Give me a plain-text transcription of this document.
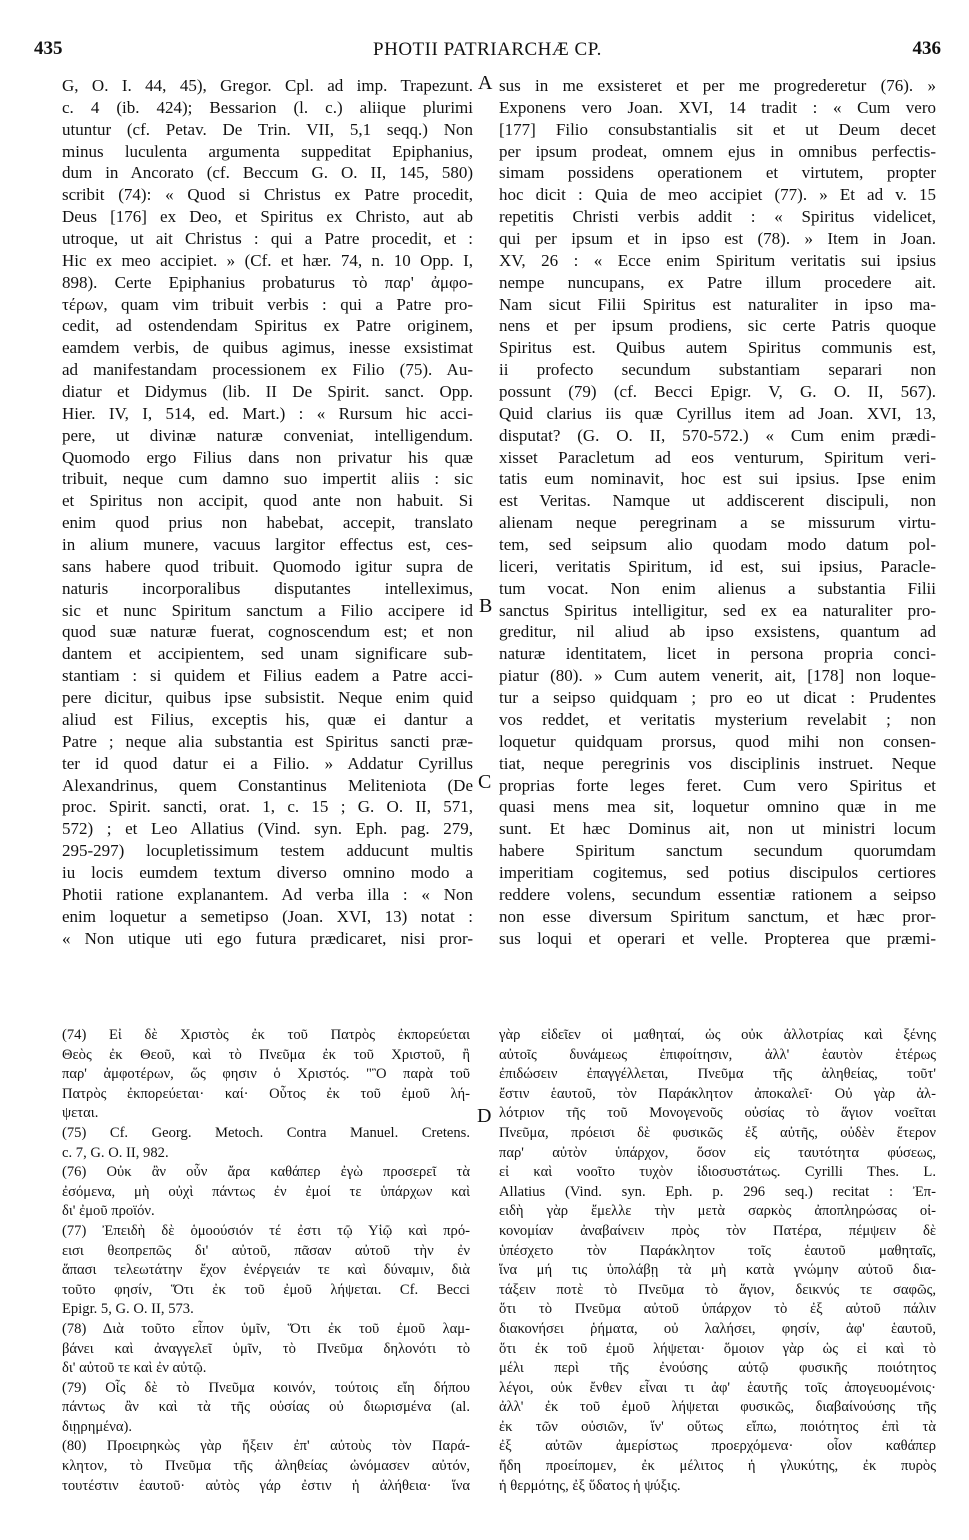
435	PHOTII PATRIARCHÆ CP.	436
A
B
C
D
G, O. I. 44, 45), Gregor. Cpl. ad imp. Trapezunt.
c. 4 (ib. 424); Bessarion (l. c.) aliique plurimi
utuntur (cf. Petav. De Trin. VII, 5,1 seqq.) Non
minus luculenta argumenta suppeditat Epiphanius,
dum in Ancorato (cf. Beccum G. O. II, 145, 580)
scribit (74): « Quod si Christus ex Patre procedit,
Deus [176] ex Deo, et Spiritus ex Christo, aut ab
utroque, ut ait Christus : qui a Patre procedit, et :
Hic ex meo accipiet. » (Cf. et hær. 74, n. 10 Opp. I,
898). Certe Epiphanius probaturus τὸ παρ' ἀμφο-
τέρων, quam vim tribuit verbis : qui a Patre pro-
cedit, ad ostendendam Spiritus ex Patre originem,
eamdem verbis, de quibus agimus, inesse exsistimat
ad manifestandam processionem ex Filio (75). Au-
diatur et Didymus (lib. II De Spirit. sanct. Opp.
Hier. IV, I, 514, ed. Mart.) : « Rursum hic acci-
pere, ut divinæ naturæ conveniat, intelligendum.
Quomodo ergo Filius dans non privatur his quæ
tribuit, neque cum damno suo impertit aliis : sic
et Spiritus non accipit, quod ante non habuit. Si
enim quod prius non habebat, accepit, translato
in alium munere, vacuus largitor effectus est, ces-
sans habere quod tribuit. Quomodo igitur supra de
naturis incorporalibus disputantes intelleximus,
sic et nunc Spiritum sanctum a Filio accipere id
quod suæ naturæ fuerat, cognoscendum est; et non
dantem et accipientem, sed unam significare sub-
stantiam : si quidem et Filius eadem a Patre acci-
pere dicitur, quibus ipse subsistit. Neque enim quid
aliud est Filius, exceptis his, quæ ei dantur a
Patre ; neque alia substantia est Spiritus sancti præ-
ter id quod datur ei a Filio. » Addatur Cyrillus
Alexandrinus, quem Constantinus Meliteniota (De
proc. Spirit. sancti, orat. 1, c. 15 ; G. O. II, 571,
572) ; et Leo Allatius (Vind. syn. Eph. pag. 279,
295-297) locupletissimum testem adducunt multis
iu locis eumdem textum diverso omnino modo a
Photii ratione explanantem. Ad verba illa : « Non
enim loquetur a semetipso (Joan. XVI, 13) notat :
« Non utique uti ego futura prædicaret, nisi pror-
sus in me exsisteret et per me progrederetur (76). »
Exponens vero Joan. XVI, 14 tradit : « Cum vero
[177] Filio consubstantialis sit et ut Deum decet
per ipsum prodeat, omnem ejus in omnibus perfectis-
simam possidens operationem et virtutem, propter
hoc dicit : Quia de meo accipiet (77). » Et ad v. 15
repetitis Christi verbis addit : « Spiritus videlicet,
qui per ipsum et in ipso est (78). » Item in Joan.
XV, 26 : « Ecce enim Spiritum veritatis sui ipsius
nempe nuncupans, ex Patre illum procedere ait.
Nam sicut Filii Spiritus est naturaliter in ipso ma-
nens et per ipsum prodiens, sic certe Patris quoque
Spiritus est. Quibus autem Spiritus communis est,
ii profecto secundum substantiam separari non
possunt (79) (cf. Becci Epigr. V, G. O. II, 567).
Quid clarius iis quæ Cyrillus item ad Joan. XVI, 13,
disputat? (G. O. II, 570-572.) « Cum enim prædi-
xisset Paracletum ad eos venturum, Spiritum veri-
tatis eum nominavit, hoc est sui ipsius. Ipse enim
est Veritas. Namque ut addiscerent discipuli, non
alienam neque peregrinam a se missurum virtu-
tem, sed seipsum alio quodam modo datum pol-
liceri, veritatis Spiritum, id est, sui ipsius, Paracle-
tum vocat. Non enim alienus a substantia Filii
sanctus Spiritus intelligitur, sed ex ea naturaliter pro-
greditur, nil aliud ab ipso exsistens, quantum ad
naturæ identitatem, licet in persona propria conci-
piatur (80). » Cum autem venerit, ait, [178] non loque-
tur a seipso quidquam ; pro eo ut dicat : Prudentes
vos reddet, et veritatis mysterium revelabit ; non
loquetur quidquam prorsus, quod mihi non consen-
tiat, neque peregrinis vos disciplinis instruet. Neque
proprias forte leges feret. Cum vero Spiritus et
quasi mens mea sit, loquetur omnino quæ in me
sunt. Et hæc Dominus ait, non ut ministri locum
habere Spiritum sanctum secundum quorumdam
imperitiam cogitemus, sed potius discipulos certiores
reddere volens, secundum essentiæ rationem a seipso
non esse diversum Spiritum sanctum, et hæc pror-
sus loqui et operari et velle. Propterea que præmi-
(74) Εἰ δὲ Χριστὸς ἐκ τοῦ Πατρὸς ἐκπορεύεται
Θεὸς ἐκ Θεοῦ, καὶ τὸ Πνεῦμα ἐκ τοῦ Χριστοῦ, ἢ
παρ' ἀμφοτέρων, ὥς φησιν ὁ Χριστός. "Ὃ παρὰ τοῦ
Πατρὸς ἐκπορεύεται· καί· Οὗτος ἐκ τοῦ ἐμοῦ λή-
ψεται.
(75) Cf. Georg. Metoch. Contra Manuel. Cretens.
c. 7, G. O. II, 982.
(76) Οὐκ ἂν οὖν ἄρα καθάπερ ἐγὼ προσερεῖ τὰ
ἐσόμενα, μὴ οὐχὶ πάντως ἐν ἐμοί τε ὑπάρχων καὶ
δι' ἐμοῦ προϊόν.
(77) Ἐπειδὴ δὲ ὁμοούσιόν τέ ἐστι τῷ Υἱῷ καὶ πρό-
εισι θεοπρεπῶς δι' αὐτοῦ, πᾶσαν αὐτοῦ τὴν ἐν
ἅπασι τελεωτάτην ἔχον ἐνέργειάν τε καὶ δύναμιν, διὰ
τοῦτο φησίν, Ὅτι ἐκ τοῦ ἐμοῦ λήψεται. Cf. Becci
Epigr. 5, G. O. II, 573.
(78) Διὰ τοῦτο εἶπον ὑμῖν, Ὅτι ἐκ τοῦ ἐμοῦ λαμ-
βάνει καὶ ἀναγγελεῖ ὑμῖν, τὸ Πνεῦμα δηλονότι τὸ
δι' αὐτοῦ τε καὶ ἐν αὐτῷ.
(79) Οἷς δὲ τὸ Πνεῦμα κοινόν, τούτοις εἴη δήπου
πάντως ἂν καὶ τὰ τῆς οὐσίας οὐ διωρισμένα (al.
διῃρημένα).
(80) Προειρηκὼς γὰρ ἥξειν ἐπ' αὐτοὺς τὸν Παρά-
κλητον, τὸ Πνεῦμα τῆς ἀληθείας ὠνόμασεν αὐτόν,
τουτέστιν ἑαυτοῦ· αὐτὸς γάρ ἐστιν ἡ ἀλήθεια· ἵνα
γὰρ εἰδεῖεν οἱ μαθηταί, ὡς οὐκ ἀλλοτρίας καὶ ξένης
αὐτοῖς δυνάμεως ἐπιφοίτησιν, ἀλλ' ἑαυτὸν ἑτέρως
ἐπιδώσειν ἐπαγγέλλεται, Πνεῦμα τῆς ἀληθείας, τοῦτ'
ἔστιν ἑαυτοῦ, τὸν Παράκλητον ἀποκαλεῖ· Οὐ γὰρ ἀλ-
λότριον τῆς τοῦ Μονογενοῦς οὐσίας τὸ ἅγιον νοεῖται
Πνεῦμα, πρόεισι δὲ φυσικῶς ἐξ αὐτῆς, οὐδὲν ἕτερον
παρ' αὐτὸν ὑπάρχον, ὅσον εἰς ταυτότητα φύσεως,
εἰ καὶ νοοῖτο τυχὸν ἰδιοσυστάτως. Cyrilli Thes. L.
Allatius (Vind. syn. Eph. p. 296 seq.) recitat : Ἐπ-
ειδὴ γὰρ ἔμελλε τὴν μετὰ σαρκὸς ἀποπληρώσας οἰ-
κονομίαν ἀναβαίνειν πρὸς τὸν Πατέρα, πέμψειν δὲ
ὑπέσχετο τὸν Παράκλητον τοῖς ἑαυτοῦ μαθηταῖς,
ἵνα μή τις ὑπολάβῃ τὰ μὴ κατὰ γνώμην αὐτοῦ δια-
τάξειν ποτὲ τὸ Πνεῦμα τὸ ἅγιον, δεικνύς τε σαφῶς,
ὅτι τὸ Πνεῦμα αὐτοῦ ὑπάρχον τὸ ἐξ αὐτοῦ πάλιν
διακονήσει ῥήματα, οὐ λαλήσει, φησίν, ἀφ' ἑαυτοῦ,
ὅτι ἐκ τοῦ ἐμοῦ λήψεται· ὅμοιον γὰρ ὡς εἰ καὶ τὸ
μέλι περὶ τῆς ἐνούσης αὐτῷ φυσικῆς ποιότητος
λέγοι, οὐκ ἔνθεν εἶναι τι ἀφ' ἑαυτῆς τοῖς ἀπογευομένοις·
ἀλλ' ἐκ τοῦ ἐμοῦ λήψεται φυσικῶς, διαβαίνούσης τῆς
ἐκ τῶν οὐσιῶν, ἵν' οὕτως εἴπω, ποιότητος ἐπὶ τὰ
ἐξ αὐτῶν ἀμερίστως προερχόμενα· οἷον καθάπερ
ἤδη προείπομεν, ἐκ μέλιτος ἡ γλυκύτης, ἐκ πυρὸς
ἡ θερμότης, ἐξ ὕδατος ἡ ψύξις.
